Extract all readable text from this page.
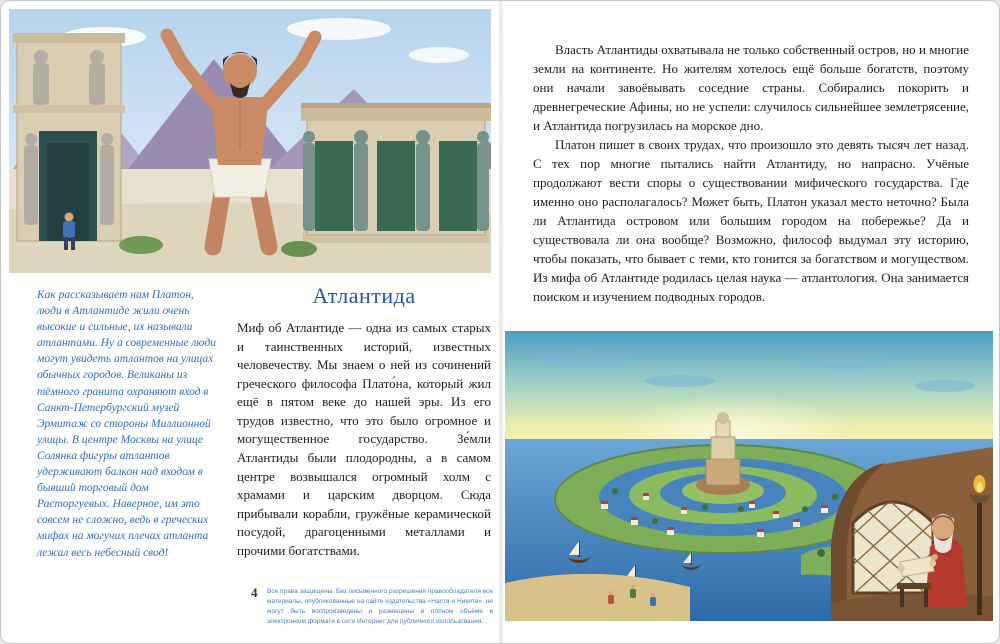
Как рассказывает нам Платон, люди в Атлантиде жили очень высокие и сильные, их называли атлантами. Ну а современные люди могут увидеть атлантов на улицах обычных городов. Великаны из тёмного гранита охраняют вход в Санкт-Петербургский музей Эрмитаж со стороны Миллионной улицы. В центре Москвы на улице Солянка фигуры атлантов удерживают балкон над входом в бывший торговый дом Расторгуевых. Наверное, им это совсем не сложно, ведь в греческих мифах на могучих плечах атланта лежал весь небесный свод!
Атлантида

Миф об Атлантиде — одна из самых старых и таинственных историй, известных человечеству. Мы знаем о ней из сочинений греческого философа Плато́на, который жил ещё в пятом веке до нашей эры. Из его трудов известно, что это было огромное и могущественное государство. Зе́мли Атлантиды были плодородны, а в самом центре возвышался огромный холм с храмами и царским дворцом. Сюда прибывали корабли, гружёные керамической посудой, драгоценными металлами и прочими богатствами.

4 Все права защищены. Без письменного разрешения правообладателя все материалы, опубликованные на сайте издательства «Настя и Никита», не могут быть воспроизведены и размещены в полном объёме в электронном формате в сети Интернет для публичного использования.

Власть Атлантиды охватывала не только собственный остров, но и многие земли на континенте. Но жителям хотелось ещё больше богатств, поэтому они начали завоёвывать соседние страны. Собирались покорить и древнегреческие Афины, но не успели: случилось сильнейшее землетрясение, и Атлантида погрузилась на морское дно.

Платон пишет в своих трудах, что произошло это девять тысяч лет назад. С тех пор многие пытались найти Атлантиду, но напрасно. Учёные продолжают вести споры о существовании мифического государства. Где именно оно располагалось? Может быть, Платон указал место неточно? Была ли Атлантида островом или большим городом на побережье? Да и существовала ли она вообще? Возможно, философ выдумал эту историю, чтобы показать, что бывает с теми, кто гонится за богатством и могуществом. Из мифа об Атлантиде родилась целая наука — атлантология. Она занимается поиском и изучением подводных городов.
